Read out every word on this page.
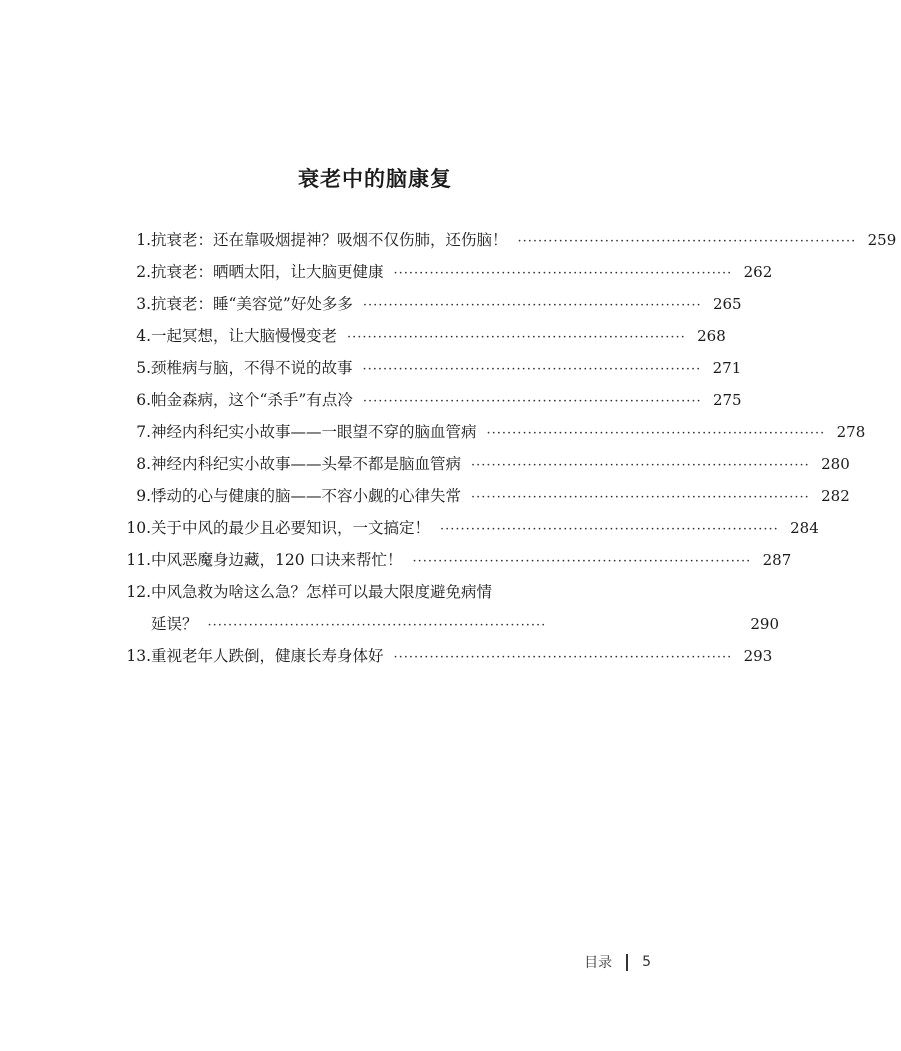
衰老中的脑康复
1. 抗衰老：还在靠吸烟提神？吸烟不仅伤肺，还伤脑！ ·································································· 259
2. 抗衰老：晒晒太阳，让大脑更健康 ·································································· 262
3. 抗衰老：睡“美容觉”好处多多 ·································································· 265
4. 一起冥想，让大脑慢慢变老 ·································································· 268
5. 颈椎病与脑，不得不说的故事 ·································································· 271
6. 帕金森病，这个“杀手”有点冷 ·································································· 275
7. 神经内科纪实小故事——一眼望不穿的脑血管病 ·································································· 278
8. 神经内科纪实小故事——头晕不都是脑血管病 ·································································· 280
9. 悸动的心与健康的脑——不容小觑的心律失常 ·································································· 282
10. 关于中风的最少且必要知识，一文搞定！ ·································································· 284
11. 中风恶魔身边藏，120 口诀来帮忙！ ·································································· 287
12. 中风急救为啥这么急？怎样可以最大限度避免病情
延误？ ··································································	290
13. 重视老年人跌倒，健康长寿身体好 ·································································· 293
目录 5
